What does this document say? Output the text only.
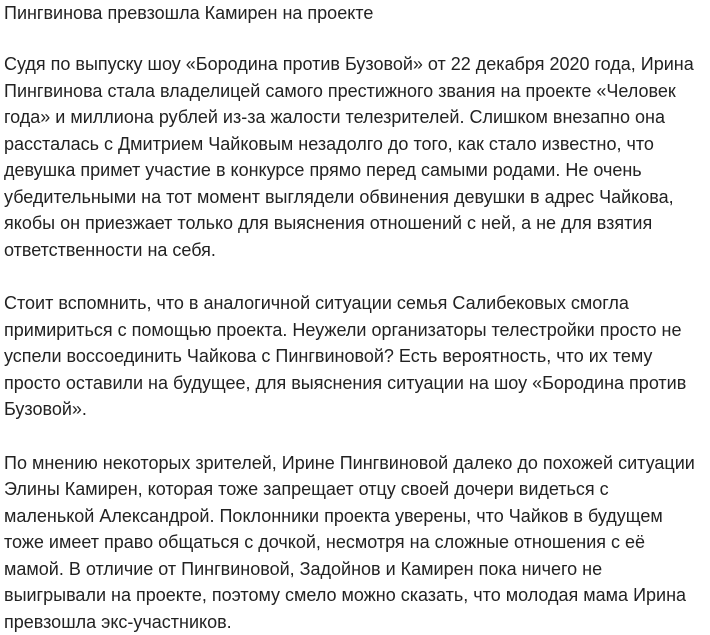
Пингвинова превзошла Камирен на проекте

Судя по выпуску шоу «Бородина против Бузовой» от 22 декабря 2020 года, Ирина Пингвинова стала владелицей самого престижного звания на проекте «Человек года» и миллиона рублей из-за жалости телезрителей. Слишком внезапно она рассталась с Дмитрием Чайковым незадолго до того, как стало известно, что девушка примет участие в конкурсе прямо перед самыми родами. Не очень убедительными на тот момент выглядели обвинения девушки в адрес Чайкова, якобы он приезжает только для выяснения отношений с ней, а не для взятия ответственности на себя.

Стоит вспомнить, что в аналогичной ситуации семья Салибековых смогла примириться с помощью проекта. Неужели организаторы телестройки просто не успели воссоединить Чайкова с Пингвиновой? Есть вероятность, что их тему просто оставили на будущее, для выяснения ситуации на шоу «Бородина против Бузовой».

По мнению некоторых зрителей, Ирине Пингвиновой далеко до похожей ситуации Элины Камирен, которая тоже запрещает отцу своей дочери видеться с маленькой Александрой. Поклонники проекта уверены, что Чайков в будущем тоже имеет право общаться с дочкой, несмотря на сложные отношения с её мамой. В отличие от Пингвиновой, Задойнов и Камирен пока ничего не выигрывали на проекте, поэтому смело можно сказать, что молодая мама Ирина превзошла экс-участников.
